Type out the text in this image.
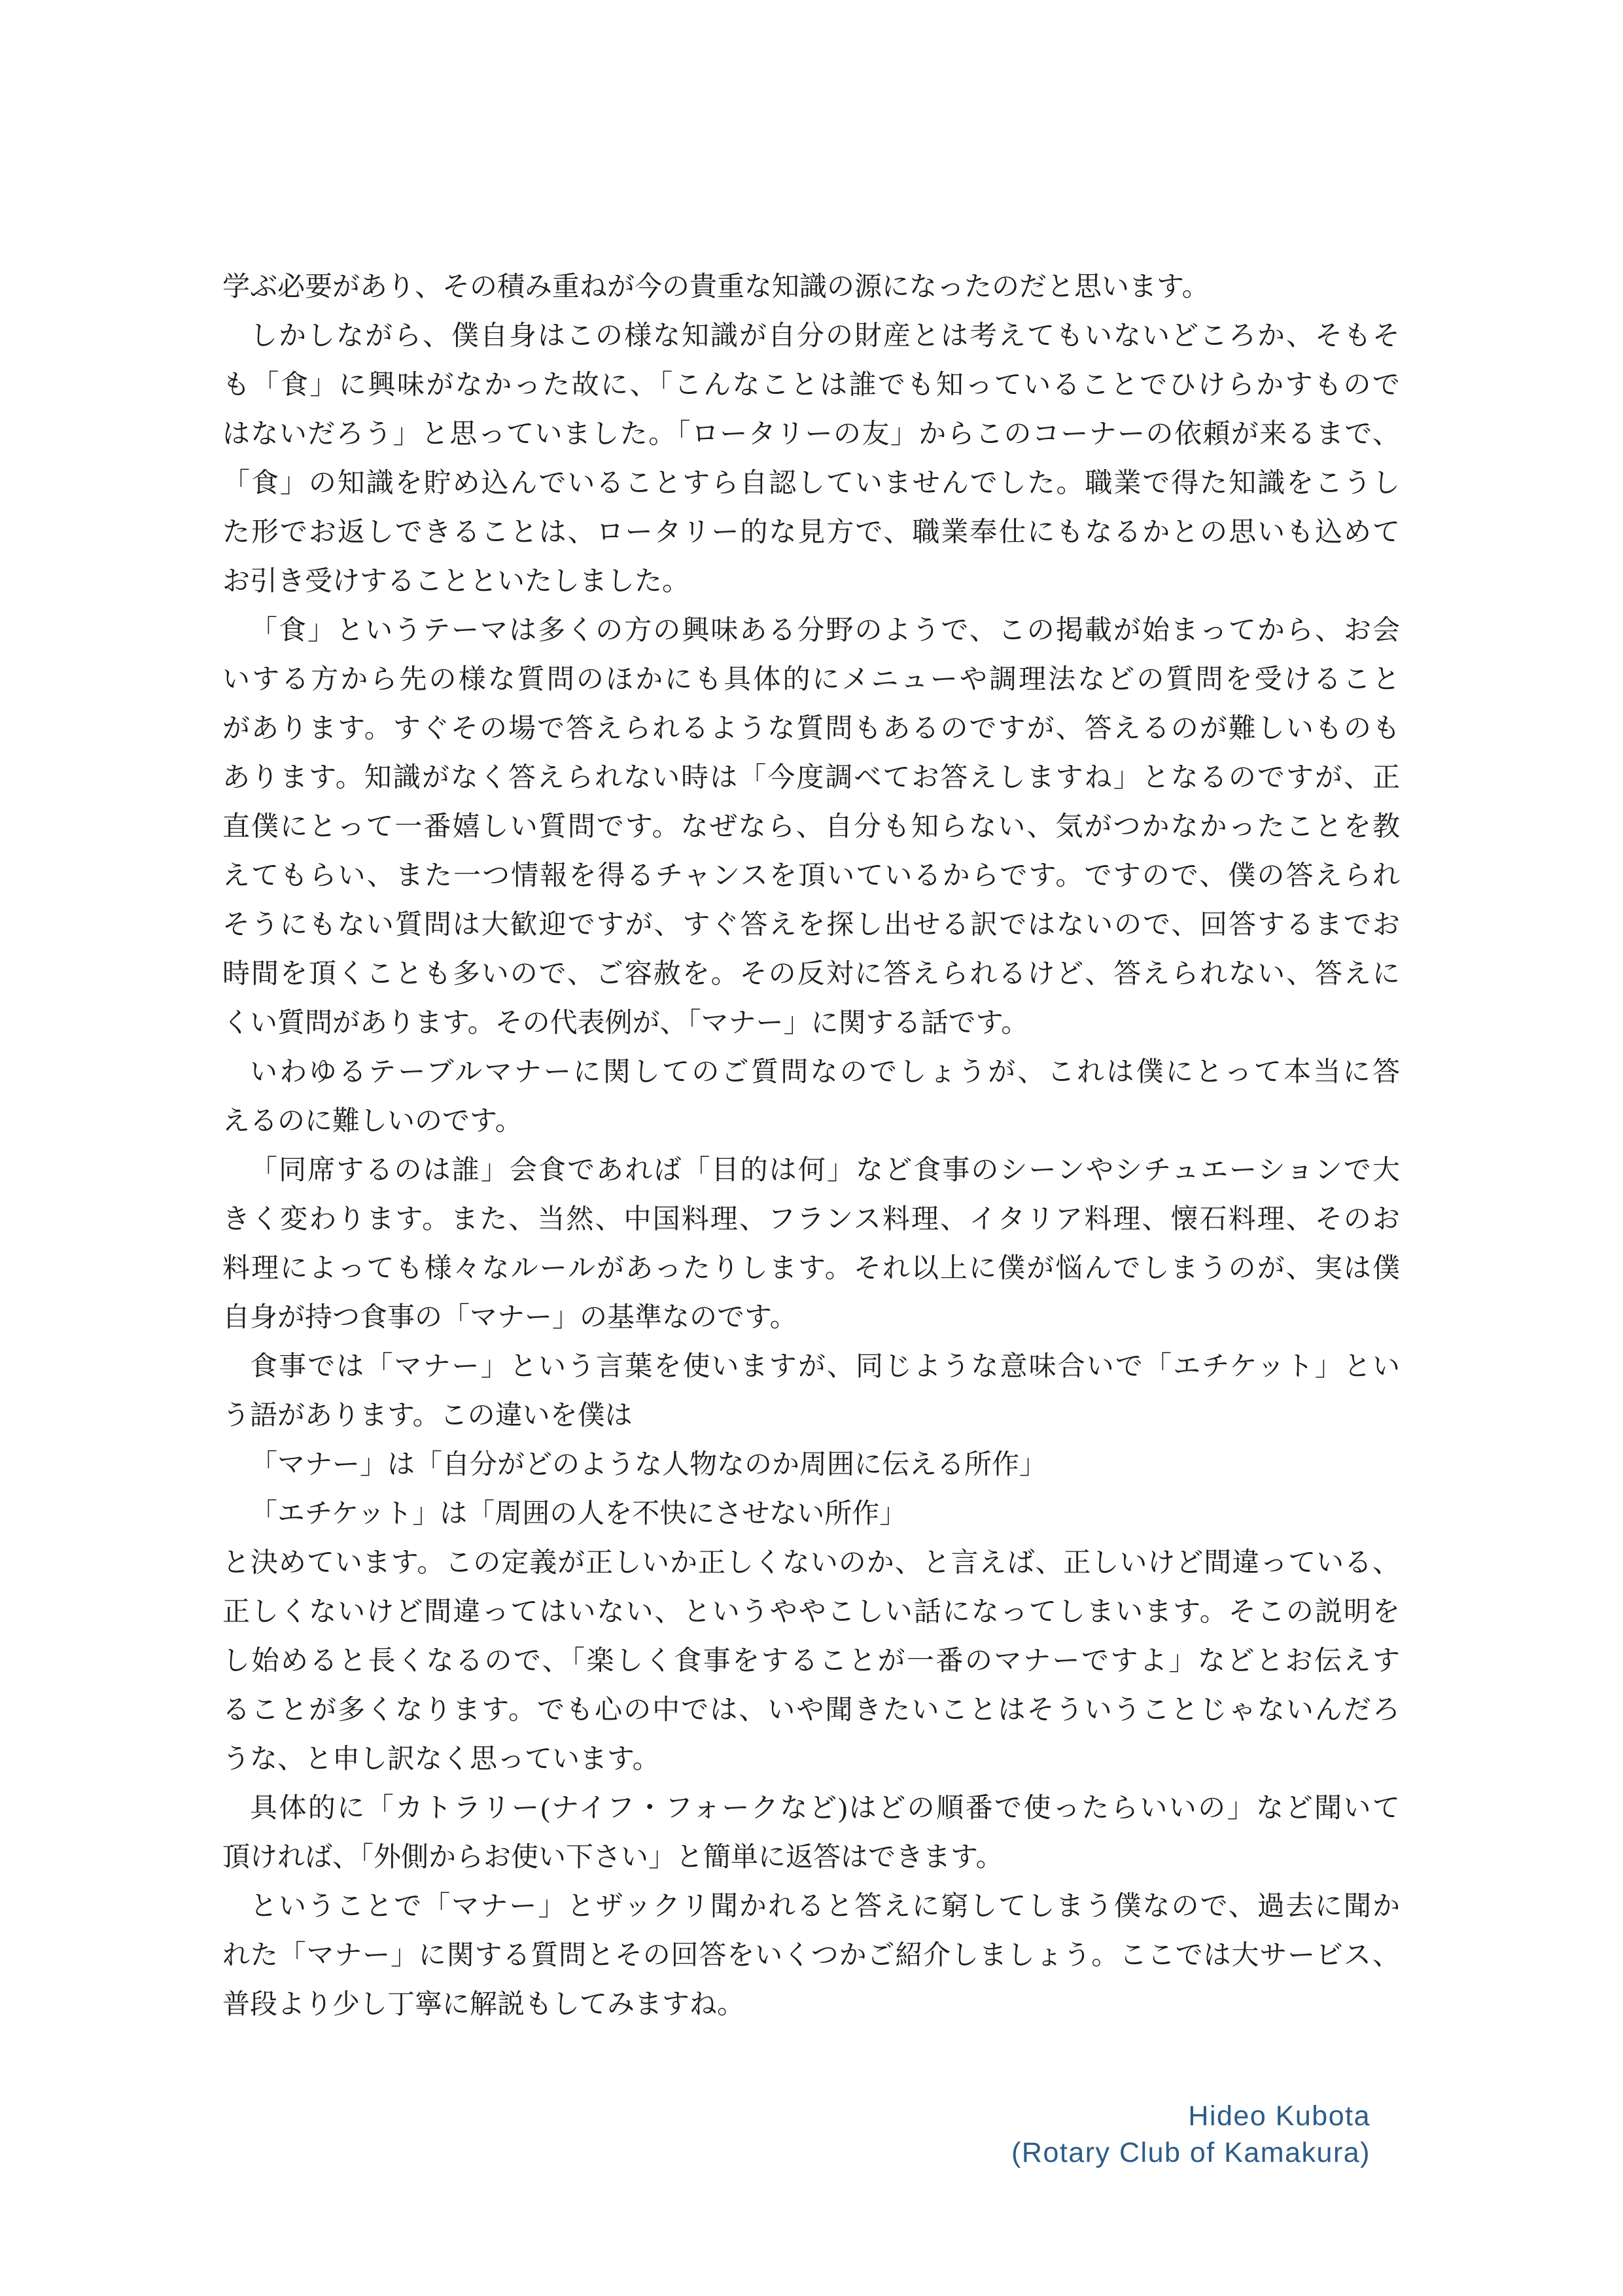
学ぶ必要があり、その積み重ねが今の貴重な知識の源になったのだと思います。
しかしながら、僕自身はこの様な知識が自分の財産とは考えてもいないどころか、そもそ
も「食」に興味がなかった故に、「こんなことは誰でも知っていることでひけらかすもので
はないだろう」と思っていました。「ロータリーの友」からこのコーナーの依頼が来るまで、
「食」の知識を貯め込んでいることすら自認していませんでした。職業で得た知識をこうし
た形でお返しできることは、ロータリー的な見方で、職業奉仕にもなるかとの思いも込めて
お引き受けすることといたしました。
「食」というテーマは多くの方の興味ある分野のようで、この掲載が始まってから、お会
いする方から先の様な質問のほかにも具体的にメニューや調理法などの質問を受けること
があります。すぐその場で答えられるような質問もあるのですが、答えるのが難しいものも
あります。知識がなく答えられない時は「今度調べてお答えしますね」となるのですが、正
直僕にとって一番嬉しい質問です。なぜなら、自分も知らない、気がつかなかったことを教
えてもらい、また一つ情報を得るチャンスを頂いているからです。ですので、僕の答えられ
そうにもない質問は大歓迎ですが、すぐ答えを探し出せる訳ではないので、回答するまでお
時間を頂くことも多いので、ご容赦を。その反対に答えられるけど、答えられない、答えに
くい質問があります。その代表例が、「マナー」に関する話です。
いわゆるテーブルマナーに関してのご質問なのでしょうが、これは僕にとって本当に答
えるのに難しいのです。
「同席するのは誰」会食であれば「目的は何」など食事のシーンやシチュエーションで大
きく変わります。また、当然、中国料理、フランス料理、イタリア料理、懐石料理、そのお
料理によっても様々なルールがあったりします。それ以上に僕が悩んでしまうのが、実は僕
自身が持つ食事の「マナー」の基準なのです。
食事では「マナー」という言葉を使いますが、同じような意味合いで「エチケット」とい
う語があります。この違いを僕は
「マナー」は「自分がどのような人物なのか周囲に伝える所作」
「エチケット」は「周囲の人を不快にさせない所作」
と決めています。この定義が正しいか正しくないのか、と言えば、正しいけど間違っている、
正しくないけど間違ってはいない、というややこしい話になってしまいます。そこの説明を
し始めると長くなるので、「楽しく食事をすることが一番のマナーですよ」などとお伝えす
ることが多くなります。でも心の中では、いや聞きたいことはそういうことじゃないんだろ
うな、と申し訳なく思っています。
具体的に「カトラリー(ナイフ・フォークなど)はどの順番で使ったらいいの」など聞いて
頂ければ、「外側からお使い下さい」と簡単に返答はできます。
ということで「マナー」とザックリ聞かれると答えに窮してしまう僕なので、過去に聞か
れた「マナー」に関する質問とその回答をいくつかご紹介しましょう。ここでは大サービス、
普段より少し丁寧に解説もしてみますね。
Hideo Kubota
(Rotary Club of Kamakura)
